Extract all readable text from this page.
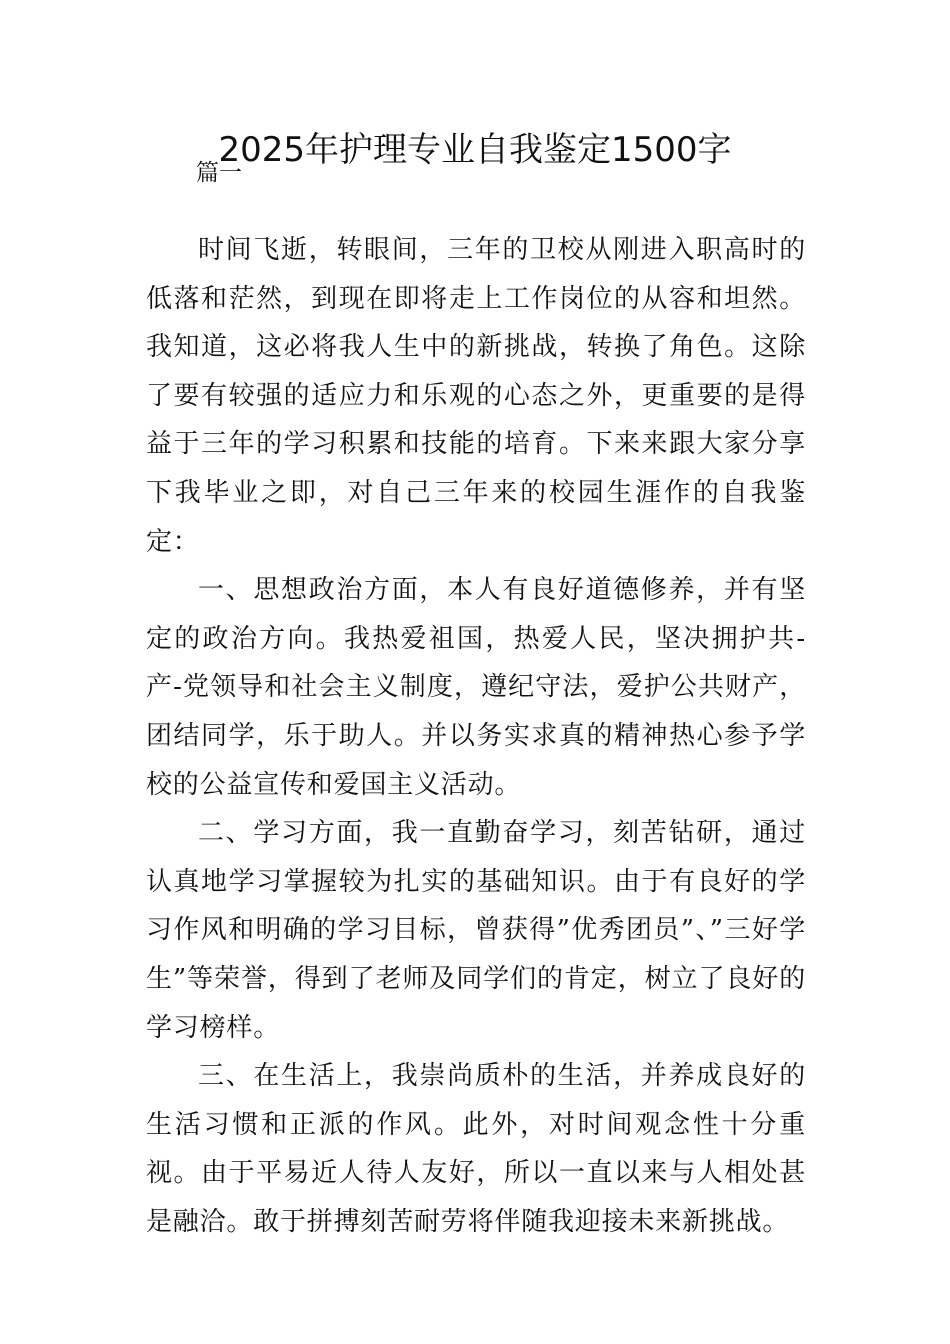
2025年护理专业自我鉴定1500字

篇一

时间飞逝，转眼间，三年的卫校从刚进入职高时的低落和茫然，到现在即将走上工作岗位的从容和坦然。我知道，这必将我人生中的新挑战，转换了角色。这除了要有较强的适应力和乐观的心态之外，更重要的是得益于三年的学习积累和技能的培育。下来来跟大家分享下我毕业之即，对自己三年来的校园生涯作的自我鉴定：

一、思想政治方面，本人有良好道德修养，并有坚定的政治方向。我热爱祖国，热爱人民，坚决拥护共-产-党领导和社会主义制度，遵纪守法，爱护公共财产，团结同学，乐于助人。并以务实求真的精神热心参予学校的公益宣传和爱国主义活动。

二、学习方面，我一直勤奋学习，刻苦钻研，通过认真地学习掌握较为扎实的基础知识。由于有良好的学习作风和明确的学习目标，曾获得”优秀团员”、”三好学生”等荣誉，得到了老师及同学们的肯定，树立了良好的学习榜样。

三、在生活上，我崇尚质朴的生活，并养成良好的生活习惯和正派的作风。此外，对时间观念性十分重视。由于平易近人待人友好，所以一直以来与人相处甚是融洽。敢于拼搏刻苦耐劳将伴随我迎接未来新挑战。
